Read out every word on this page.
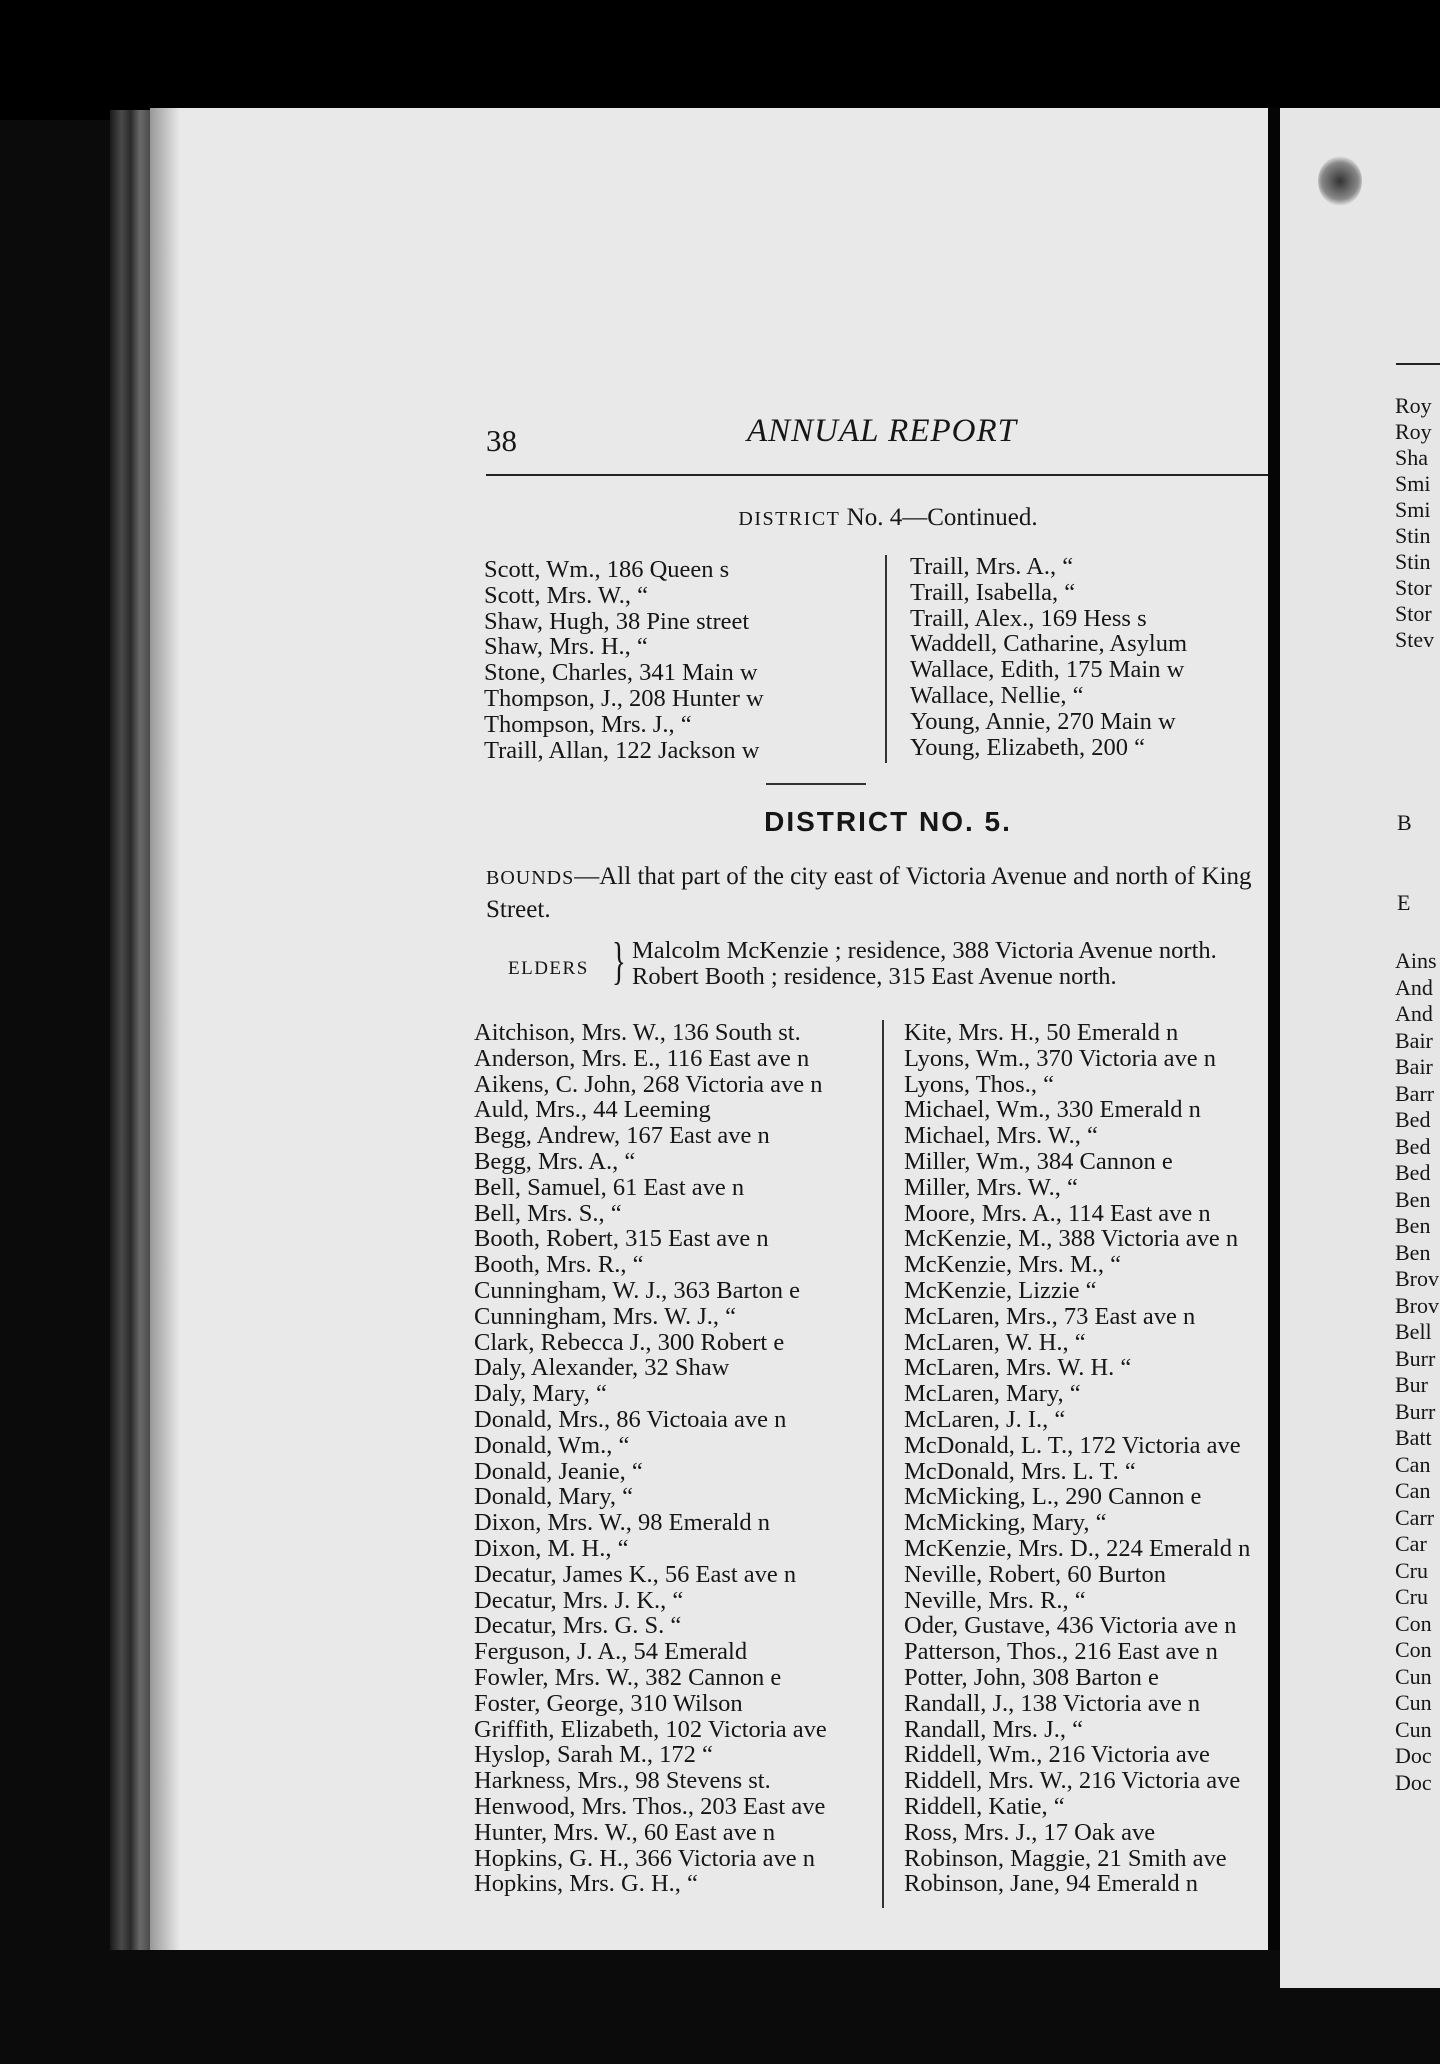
38	ANNUAL REPORT
DISTRICT No. 4—Continued.
Scott, Wm., 186 Queen s
Scott, Mrs. W., “
Shaw, Hugh, 38 Pine street
Shaw, Mrs. H., “
Stone, Charles, 341 Main w
Thompson, J., 208 Hunter w
Thompson, Mrs. J., “
Traill, Allan, 122 Jackson w
Traill, Mrs. A., “
Traill, Isabella, “
Traill, Alex., 169 Hess s
Waddell, Catharine, Asylum
Wallace, Edith, 175 Main w
Wallace, Nellie, “
Young, Annie, 270 Main w
Young, Elizabeth, 200 “
DISTRICT NO. 5.
BOUNDS—All that part of the city east of Victoria Avenue and north of King Street.
ELDERS } Malcolm McKenzie ; residence, 388 Victoria Avenue north.
Robert Booth ; residence, 315 East Avenue north.
Aitchison, Mrs. W., 136 South st.
Anderson, Mrs. E., 116 East ave n
Aikens, C. John, 268 Victoria ave n
Auld, Mrs., 44 Leeming
Begg, Andrew, 167 East ave n
Begg, Mrs. A., “
Bell, Samuel, 61 East ave n
Bell, Mrs. S., “
Booth, Robert, 315 East ave n
Booth, Mrs. R., “
Cunningham, W. J., 363 Barton e
Cunningham, Mrs. W. J., “
Clark, Rebecca J., 300 Robert e
Daly, Alexander, 32 Shaw
Daly, Mary, “
Donald, Mrs., 86 Victoaia ave n
Donald, Wm., “
Donald, Jeanie, “
Donald, Mary, “
Dixon, Mrs. W., 98 Emerald n
Dixon, M. H., “
Decatur, James K., 56 East ave n
Decatur, Mrs. J. K., “
Decatur, Mrs. G. S. “
Ferguson, J. A., 54 Emerald
Fowler, Mrs. W., 382 Cannon e
Foster, George, 310 Wilson
Griffith, Elizabeth, 102 Victoria ave
Hyslop, Sarah M., 172 “
Harkness, Mrs., 98 Stevens st.
Henwood, Mrs. Thos., 203 East ave
Hunter, Mrs. W., 60 East ave n
Hopkins, G. H., 366 Victoria ave n
Hopkins, Mrs. G. H., “
Kite, Mrs. H., 50 Emerald n
Lyons, Wm., 370 Victoria ave n
Lyons, Thos., “
Michael, Wm., 330 Emerald n
Michael, Mrs. W., “
Miller, Wm., 384 Cannon e
Miller, Mrs. W., “
Moore, Mrs. A., 114 East ave n
McKenzie, M., 388 Victoria ave n
McKenzie, Mrs. M., “
McKenzie, Lizzie “
McLaren, Mrs., 73 East ave n
McLaren, W. H., “
McLaren, Mrs. W. H. “
McLaren, Mary, “
McLaren, J. I., “
McDonald, L. T., 172 Victoria ave
McDonald, Mrs. L. T. “
McMicking, L., 290 Cannon e
McMicking, Mary, “
McKenzie, Mrs. D., 224 Emerald n
Neville, Robert, 60 Burton
Neville, Mrs. R., “
Oder, Gustave, 436 Victoria ave n
Patterson, Thos., 216 East ave n
Potter, John, 308 Barton e
Randall, J., 138 Victoria ave n
Randall, Mrs. J., “
Riddell, Wm., 216 Victoria ave
Riddell, Mrs. W., 216 Victoria ave
Riddell, Katie, “
Ross, Mrs. J., 17 Oak ave
Robinson, Maggie, 21 Smith ave
Robinson, Jane, 94 Emerald n
Roy
Roy
Sha
Smi
Smi
Stin
Stin
Stor
Stor
Stev
B
E
Ains
And
And
Bair
Bair
Barr
Bed
Bed
Bed
Ben
Ben
Ben
Brov
Brov
Bell
Burr
Bur
Burr
Batt
Can
Can
Carr
Car
Cru
Cru
Con
Con
Cun
Cun
Cun
Doc
Doc
